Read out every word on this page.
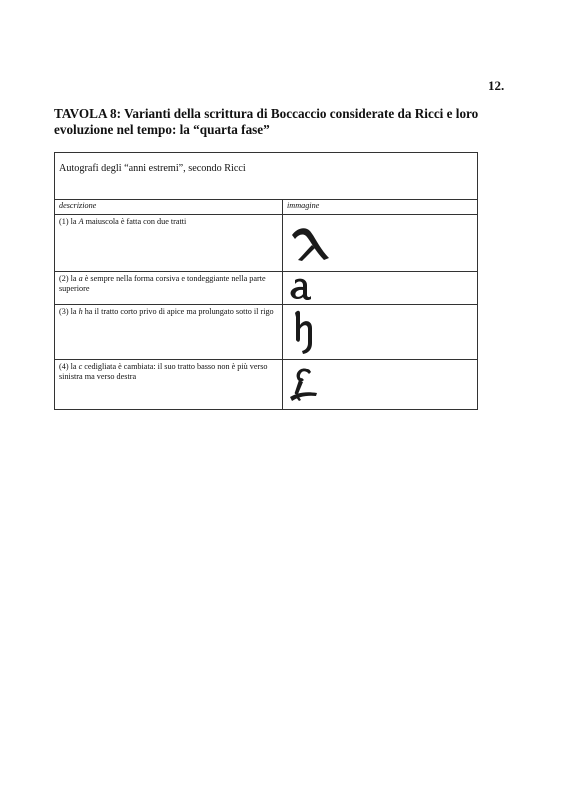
12.
TAVOLA 8: Varianti della scrittura di Boccaccio considerate da Ricci e loro
evoluzione nel tempo: la “quarta fase”
Autografi degli “anni estremi”, secondo Ricci	
descrizione	immagine
(1) la A maiuscola è fatta con due tratti	

(2) la a è sempre nella forma corsiva e tondeggiante nella parte superiore	

(3) la h ha il tratto corto privo di apice ma prolungato sotto il rigo	

(4) la c cedigliata è cambiata: il suo tratto basso non è più verso sinistra ma verso destra	
